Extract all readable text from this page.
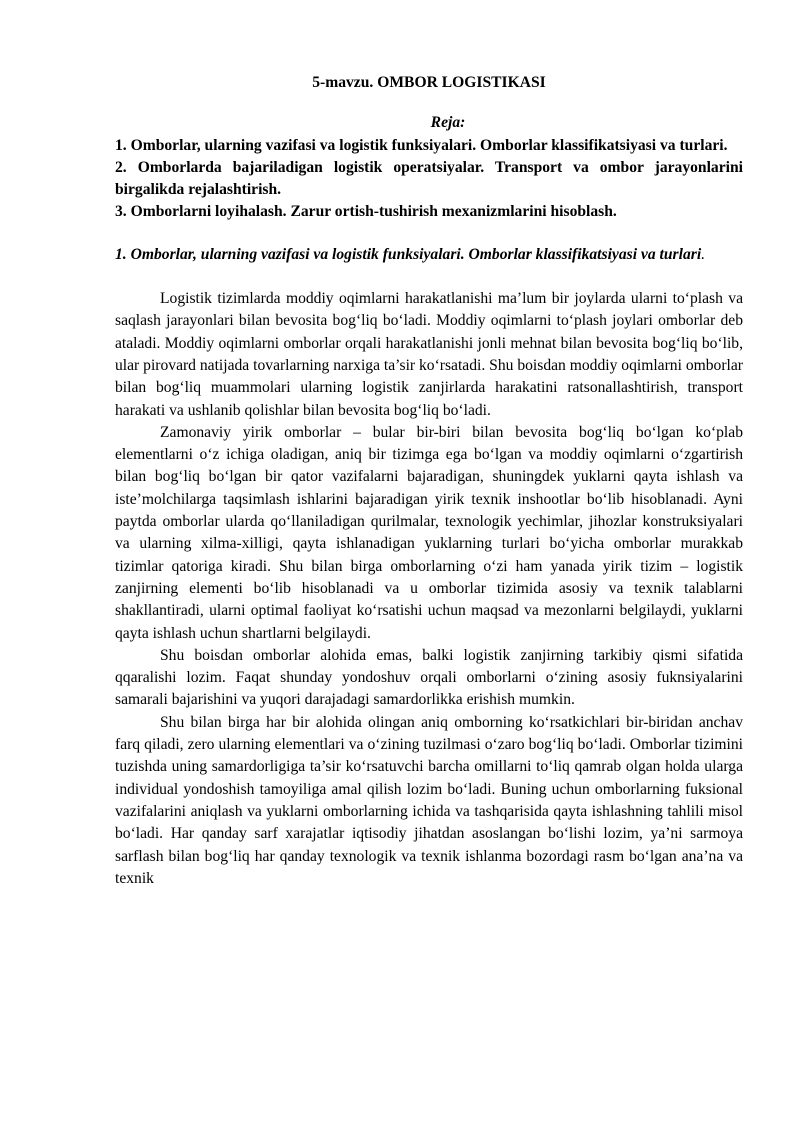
5-mavzu. OMBOR LOGISTIKASI

Reja:

1. Omborlar, ularning vazifasi va logistik funksiyalari. Omborlar klassifikatsiyasi va turlari.

2. Omborlarda bajariladigan logistik operatsiyalar. Transport va ombor jarayonlarini birgalikda rejalashtirish.

3. Omborlarni loyihalash. Zarur ortish-tushirish mexanizmlarini hisoblash.

1. Omborlar, ularning vazifasi va logistik funksiyalari. Omborlar klassifikatsiyasi va turlari.

Logistik tizimlarda moddiy oqimlarni harakatlanishi ma’lum bir joylarda ularni to‘plash va saqlash jarayonlari bilan bevosita bog‘liq bo‘ladi. Moddiy oqimlarni to‘plash joylari omborlar deb ataladi. Moddiy oqimlarni omborlar orqali harakatlanishi jonli mehnat bilan bevosita bog‘liq bo‘lib, ular pirovard natijada tovarlarning narxiga ta’sir ko‘rsatadi. Shu boisdan moddiy oqimlarni omborlar bilan bog‘liq muammolari ularning logistik zanjirlarda harakatini ratsonallashtirish, transport harakati va ushlanib qolishlar bilan bevosita bog‘liq bo‘ladi.

Zamonaviy yirik omborlar – bular bir-biri bilan bevosita bog‘liq bo‘lgan ko‘plab elementlarni o‘z ichiga oladigan, aniq bir tizimga ega bo‘lgan va moddiy oqimlarni o‘zgartirish bilan bog‘liq bo‘lgan bir qator vazifalarni bajaradigan, shuningdek yuklarni qayta ishlash va iste’molchilarga taqsimlash ishlarini bajaradigan yirik texnik inshootlar bo‘lib hisoblanadi. Ayni paytda omborlar ularda qo‘llaniladigan qurilmalar, texnologik yechimlar, jihozlar konstruksiyalari va ularning xilma-xilligi, qayta ishlanadigan yuklarning turlari bo‘yicha omborlar murakkab tizimlar qatoriga kiradi. Shu bilan birga omborlarning o‘zi ham yanada yirik tizim – logistik zanjirning elementi bo‘lib hisoblanadi va u omborlar tizimida asosiy va texnik talablarni shakllantiradi, ularni optimal faoliyat ko‘rsatishi uchun maqsad va mezonlarni belgilaydi, yuklarni qayta ishlash uchun shartlarni belgilaydi.

Shu boisdan omborlar alohida emas, balki logistik zanjirning tarkibiy qismi sifatida qqaralishi lozim. Faqat shunday yondoshuv orqali omborlarni o‘zining asosiy fuknsiyalarini samarali bajarishini va yuqori darajadagi samardorlikka erishish mumkin.

Shu bilan birga har bir alohida olingan aniq omborning ko‘rsatkichlari bir-biridan anchav farq qiladi, zero ularning elementlari va o‘zining tuzilmasi o‘zaro bog‘liq bo‘ladi. Omborlar tizimini tuzishda uning samardorligiga ta’sir ko‘rsatuvchi barcha omillarni to‘liq qamrab olgan holda ularga individual yondoshish tamoyiliga amal qilish lozim bo‘ladi. Buning uchun omborlarning fuksional vazifalarini aniqlash va yuklarni omborlarning ichida va tashqarisida qayta ishlashning tahlili misol bo‘ladi. Har qanday sarf xarajatlar iqtisodiy jihatdan asoslangan bo‘lishi lozim, ya’ni sarmoya sarflash bilan bog‘liq har qanday texnologik va texnik ishlanma bozordagi rasm bo‘lgan ana’na va texnik
